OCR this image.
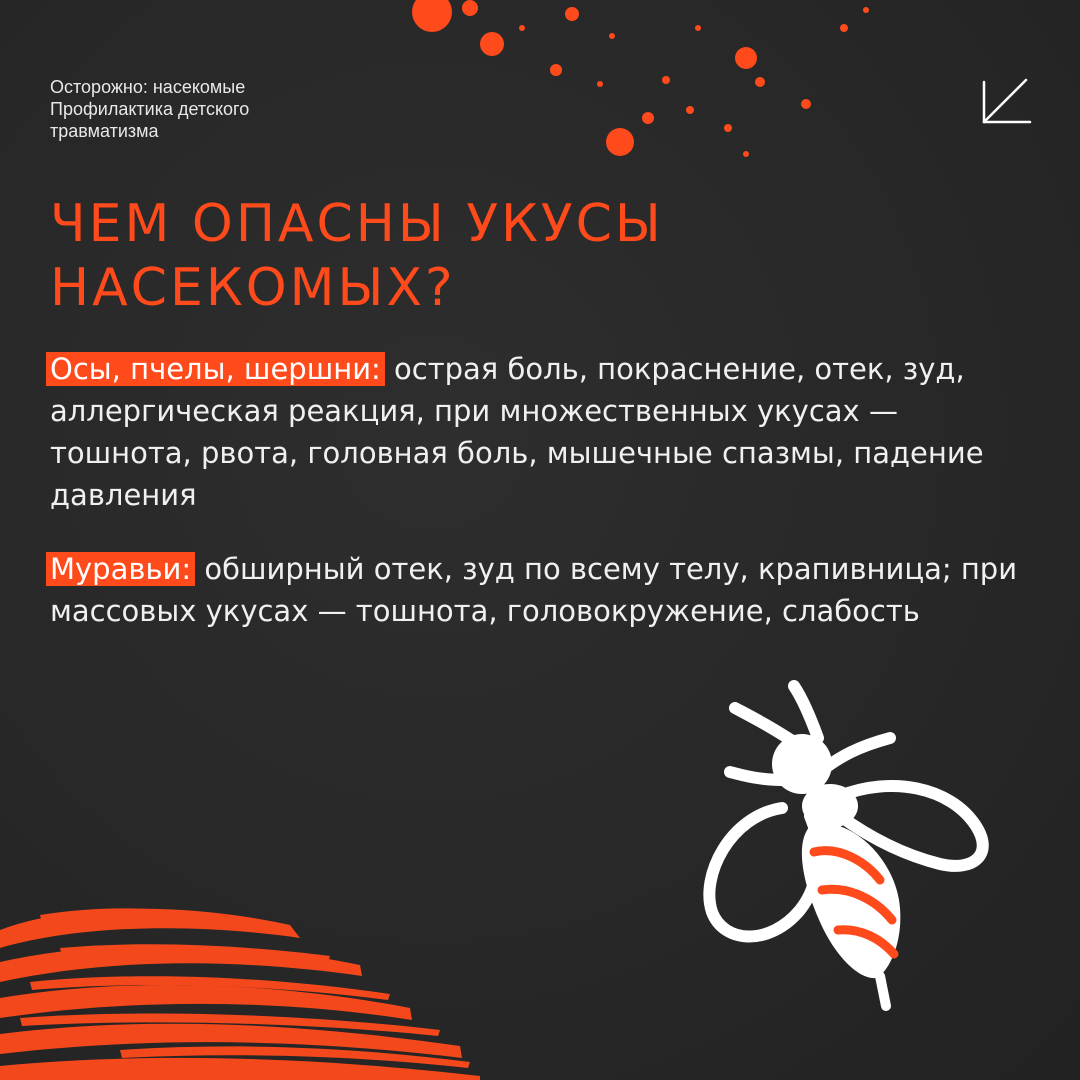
Осторожно: насекомые
Профилактика детского
травматизма
ЧЕМ ОПАСНЫ УКУСЫ
НАСЕКОМЫХ?
Осы, пчелы, шершни: острая боль, покраснение, отек, зуд, аллергическая реакция, при множественных укусах — тошнота, рвота, головная боль, мышечные спазмы, падение давления
Муравьи: обширный отек, зуд по всему телу, крапивница; при массовых укусах — тошнота, головокружение, слабость
